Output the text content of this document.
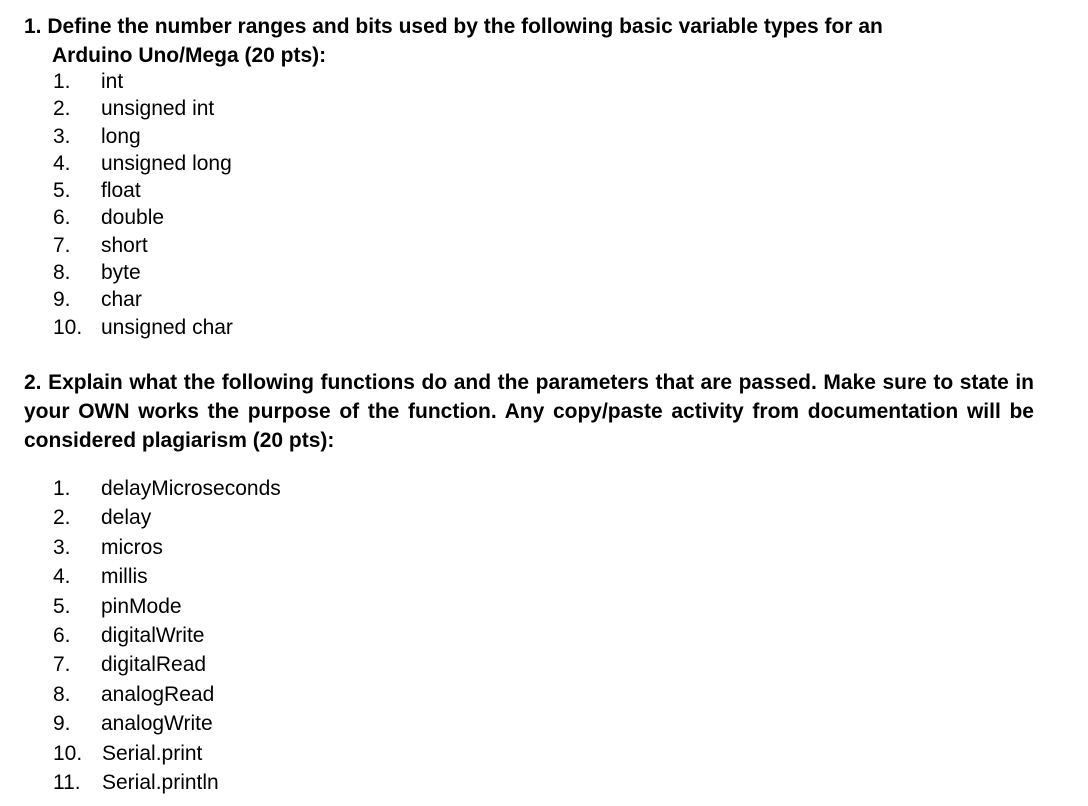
1. Define the number ranges and bits used by the following basic variable types for an
Arduino Uno/Mega (20 pts):

1. int
2. unsigned int
3. long
4. unsigned long
5. float
6. double
7. short
8. byte
9. char
10. unsigned char

2. Explain what the following functions do and the parameters that are passed. Make sure to state in your OWN works the purpose of the function. Any copy/paste activity from documentation will be considered plagiarism (20 pts):

1. delayMicroseconds
2. delay
3. micros
4. millis
5. pinMode
6. digitalWrite
7. digitalRead
8. analogRead
9. analogWrite
10. Serial.print
11. Serial.println
